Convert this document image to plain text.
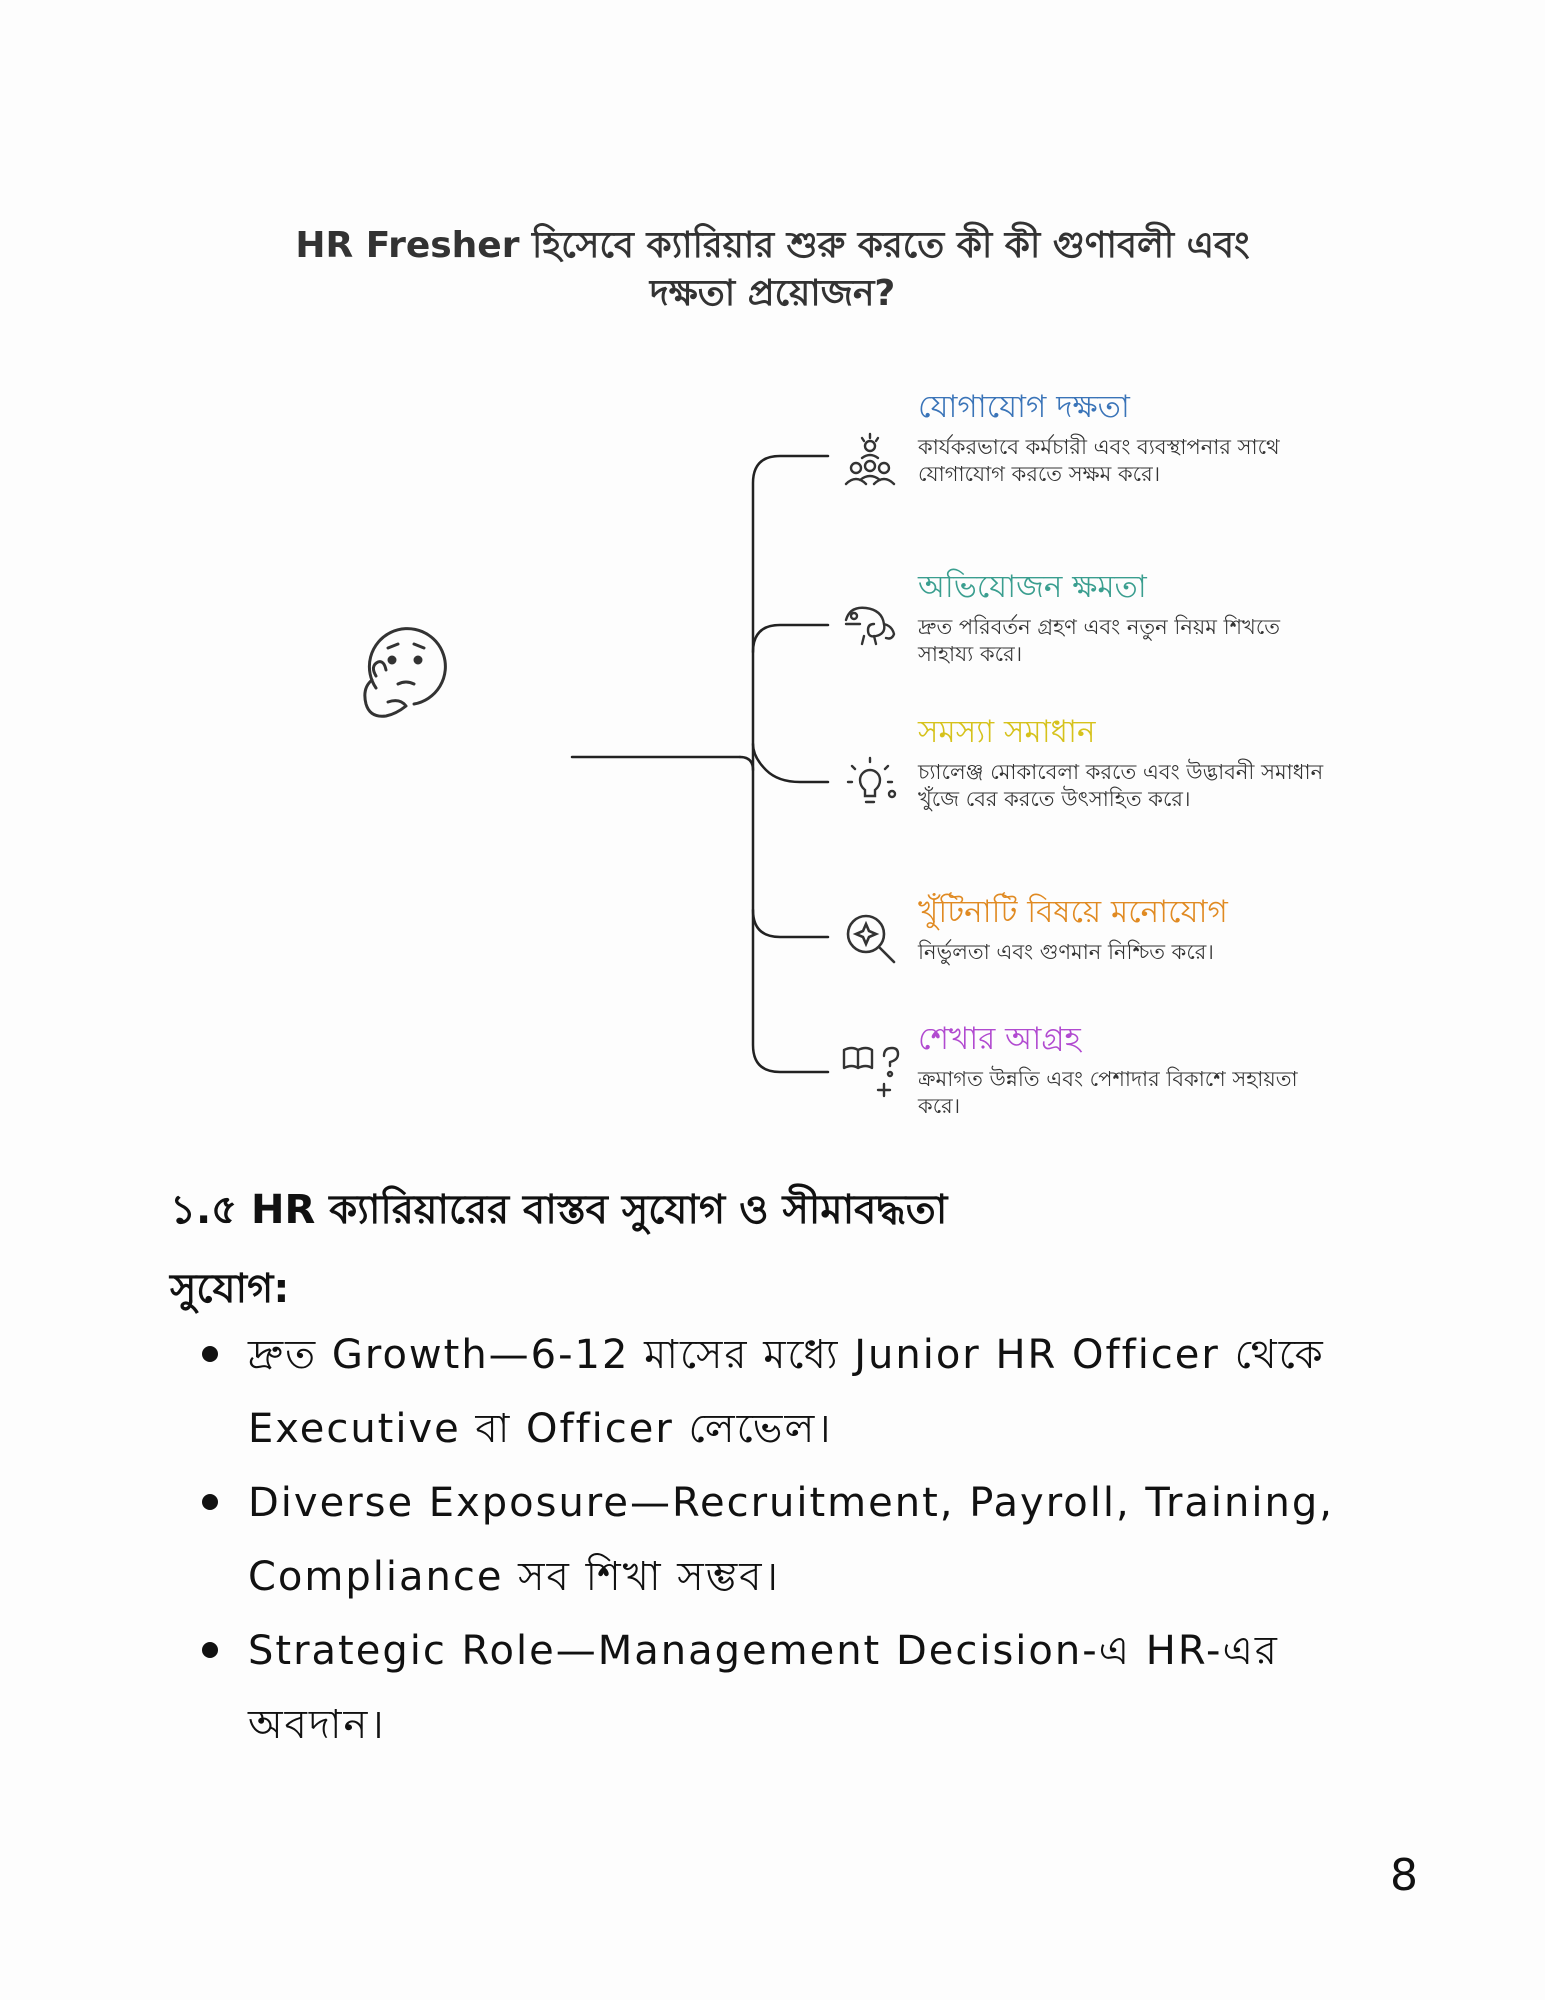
HR Fresher হিসেবে ক্যারিয়ার শুরু করতে কী কী গুণাবলী এবং
দক্ষতা প্রয়োজন?
যোগাযোগ দক্ষতা
কার্যকরভাবে কর্মচারী এবং ব্যবস্থাপনার সাথে যোগাযোগ করতে সক্ষম করে।
অভিযোজন ক্ষমতা
দ্রুত পরিবর্তন গ্রহণ এবং নতুন নিয়ম শিখতে সাহায্য করে।
সমস্যা সমাধান
চ্যালেঞ্জ মোকাবেলা করতে এবং উদ্ভাবনী সমাধান খুঁজে বের করতে উৎসাহিত করে।
খুঁটিনাটি বিষয়ে মনোযোগ
নির্ভুলতা এবং গুণমান নিশ্চিত করে।
শেখার আগ্রহ
ক্রমাগত উন্নতি এবং পেশাদার বিকাশে সহায়তা করে।
১.৫ HR ক্যারিয়ারের বাস্তব সুযোগ ও সীমাবদ্ধতা
সুযোগ:
দ্রুত Growth—6-12 মাসের মধ্যে Junior HR Officer থেকে Executive বা Officer লেভেল।
Diverse Exposure—Recruitment, Payroll, Training, Compliance সব শিখা সম্ভব।
Strategic Role—Management Decision-এ HR-এর অবদান।
8
